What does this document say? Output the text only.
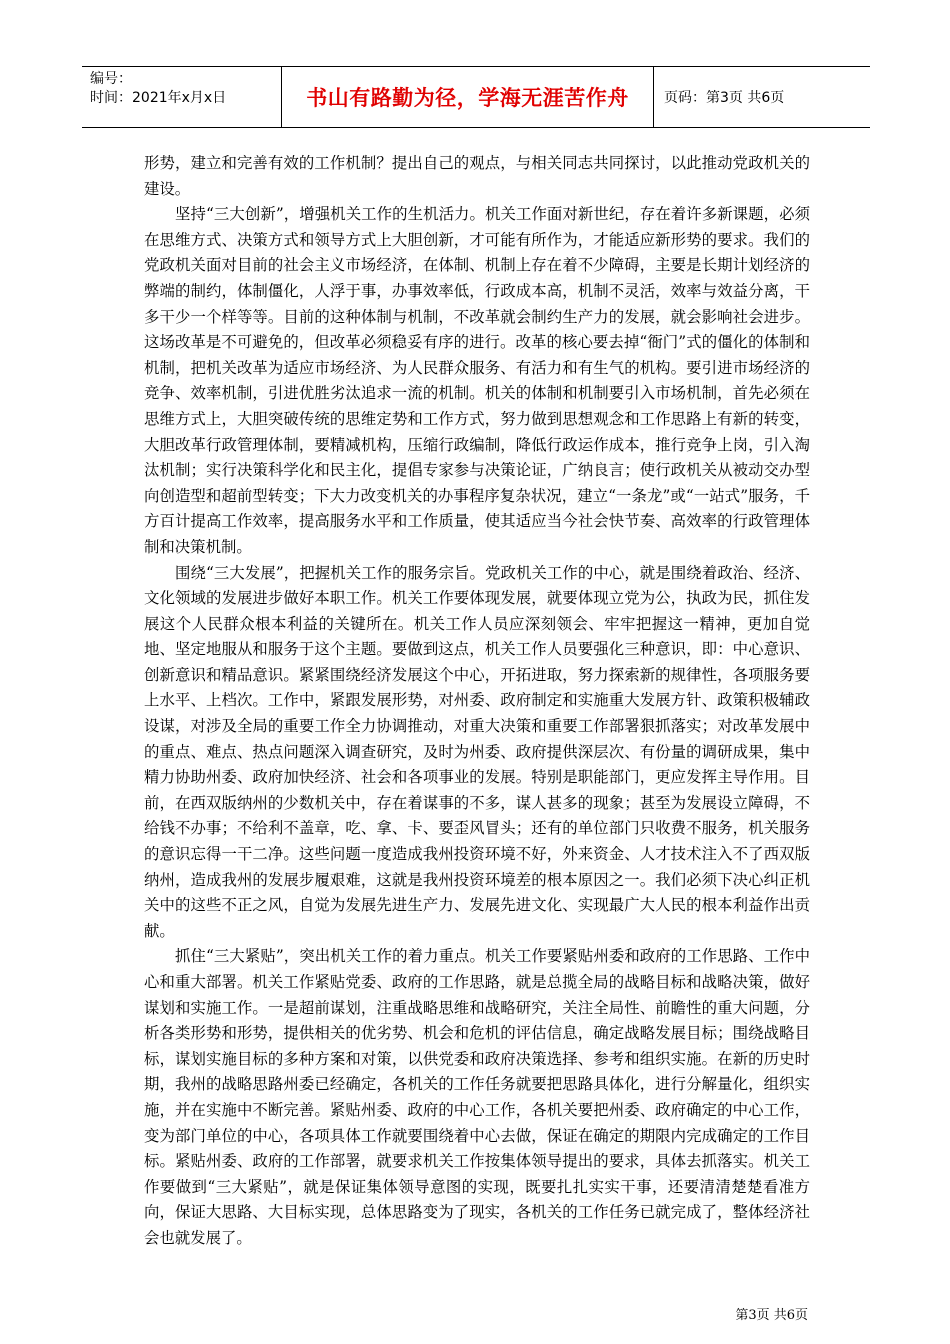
编号：
时间：2021年x月x日	书山有路勤为径，学海无涯苦作舟	页码：第3页 共6页

形势，建立和完善有效的工作机制？提出自己的观点，与相关同志共同探讨，以此推动党政机关的建设。

坚持“三大创新”，增强机关工作的生机活力。机关工作面对新世纪，存在着许多新课题，必须在思维方式、决策方式和领导方式上大胆创新，才可能有所作为，才能适应新形势的要求。我们的党政机关面对目前的社会主义市场经济，在体制、机制上存在着不少障碍，主要是长期计划经济的弊端的制约，体制僵化，人浮于事，办事效率低，行政成本高，机制不灵活，效率与效益分离，干多干少一个样等等。目前的这种体制与机制，不改革就会制约生产力的发展，就会影响社会进步。这场改革是不可避免的，但改革必须稳妥有序的进行。改革的核心要去掉“衙门”式的僵化的体制和机制，把机关改革为适应市场经济、为人民群众服务、有活力和有生气的机构。要引进市场经济的竞争、效率机制，引进优胜劣汰追求一流的机制。机关的体制和机制要引入市场机制，首先必须在思维方式上，大胆突破传统的思维定势和工作方式，努力做到思想观念和工作思路上有新的转变，大胆改革行政管理体制，要精减机构，压缩行政编制，降低行政运作成本，推行竞争上岗，引入淘汰机制；实行决策科学化和民主化，提倡专家参与决策论证，广纳良言；使行政机关从被动交办型向创造型和超前型转变；下大力改变机关的办事程序复杂状况，建立“一条龙”或“一站式”服务，千方百计提高工作效率，提高服务水平和工作质量，使其适应当今社会快节奏、高效率的行政管理体制和决策机制。

围绕“三大发展”，把握机关工作的服务宗旨。党政机关工作的中心，就是围绕着政治、经济、文化领域的发展进步做好本职工作。机关工作要体现发展，就要体现立党为公，执政为民，抓住发展这个人民群众根本利益的关键所在。机关工作人员应深刻领会、牢牢把握这一精神，更加自觉地、坚定地服从和服务于这个主题。要做到这点，机关工作人员要强化三种意识，即：中心意识、创新意识和精品意识。紧紧围绕经济发展这个中心，开拓进取，努力探索新的规律性，各项服务要上水平、上档次。工作中，紧跟发展形势，对州委、政府制定和实施重大发展方针、政策积极辅政设谋，对涉及全局的重要工作全力协调推动，对重大决策和重要工作部署狠抓落实；对改革发展中的重点、难点、热点问题深入调查研究，及时为州委、政府提供深层次、有份量的调研成果，集中精力协助州委、政府加快经济、社会和各项事业的发展。特别是职能部门，更应发挥主导作用。目前，在西双版纳州的少数机关中，存在着谋事的不多，谋人甚多的现象；甚至为发展设立障碍，不给钱不办事；不给利不盖章，吃、拿、卡、要歪风冒头；还有的单位部门只收费不服务，机关服务的意识忘得一干二净。这些问题一度造成我州投资环境不好，外来资金、人才技术注入不了西双版纳州，造成我州的发展步履艰难，这就是我州投资环境差的根本原因之一。我们必须下决心纠正机关中的这些不正之风，自觉为发展先进生产力、发展先进文化、实现最广大人民的根本利益作出贡献。

抓住“三大紧贴”，突出机关工作的着力重点。机关工作要紧贴州委和政府的工作思路、工作中心和重大部署。机关工作紧贴党委、政府的工作思路，就是总揽全局的战略目标和战略决策，做好谋划和实施工作。一是超前谋划，注重战略思维和战略研究，关注全局性、前瞻性的重大问题，分析各类形势和形势，提供相关的优劣势、机会和危机的评估信息，确定战略发展目标；围绕战略目标，谋划实施目标的多种方案和对策，以供党委和政府决策选择、参考和组织实施。在新的历史时期，我州的战略思路州委已经确定，各机关的工作任务就要把思路具体化，进行分解量化，组织实施，并在实施中不断完善。紧贴州委、政府的中心工作，各机关要把州委、政府确定的中心工作，变为部门单位的中心，各项具体工作就要围绕着中心去做，保证在确定的期限内完成确定的工作目标。紧贴州委、政府的工作部署，就要求机关工作按集体领导提出的要求，具体去抓落实。机关工作要做到“三大紧贴”，就是保证集体领导意图的实现，既要扎扎实实干事，还要清清楚楚看准方向，保证大思路、大目标实现，总体思路变为了现实，各机关的工作任务已就完成了，整体经济社会也就发展了。

第3页 共6页
